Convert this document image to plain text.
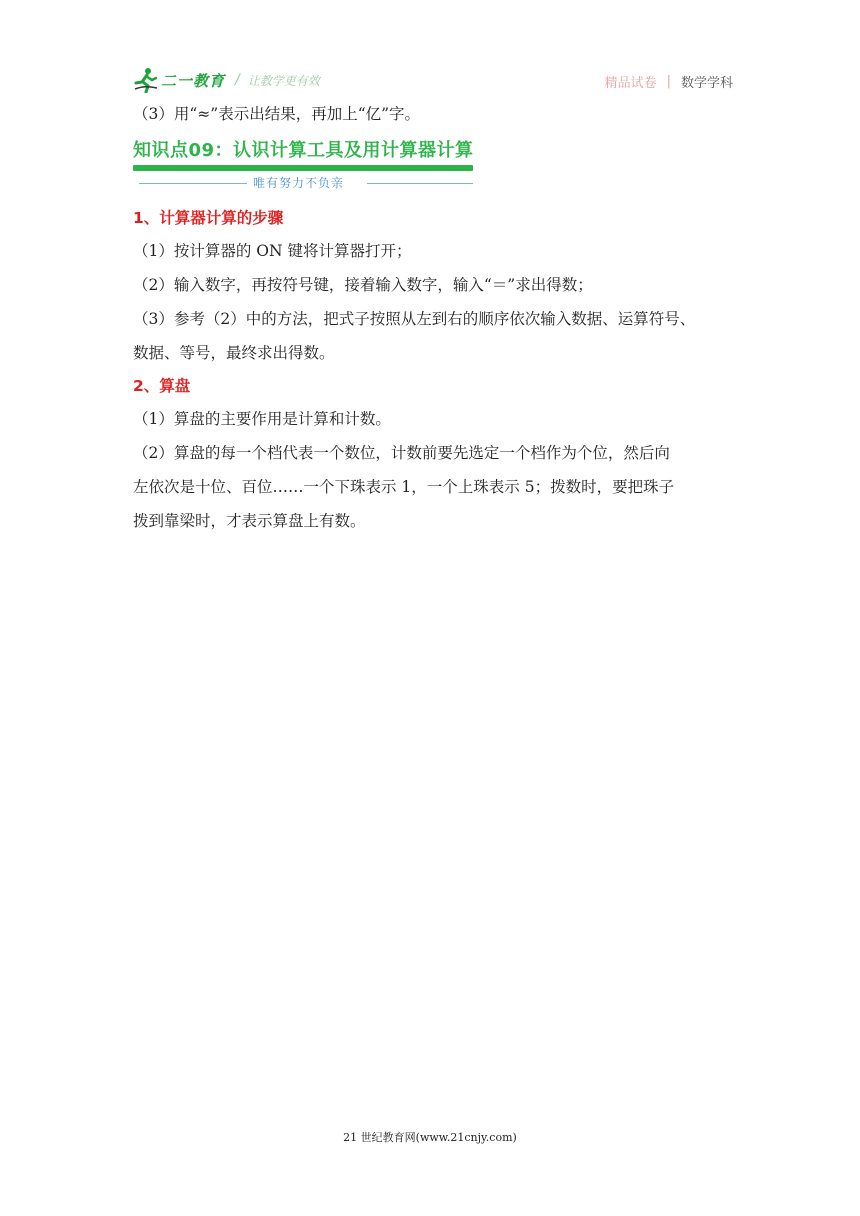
二一教育 / 让教学更有效	精品试卷 | 数学学科
（3）用“≈”表示出结果，再加上“亿”字。
知识点09：认识计算工具及用计算器计算
唯有努力不负亲
1、计算器计算的步骤
（1）按计算器的 ON 键将计算器打开；
（2）输入数字，再按符号键，接着输入数字，输入“＝”求出得数；
（3）参考（2）中的方法，把式子按照从左到右的顺序依次输入数据、运算符号、
数据、等号，最终求出得数。
2、算盘
（1）算盘的主要作用是计算和计数。
（2）算盘的每一个档代表一个数位，计数前要先选定一个档作为个位，然后向
左依次是十位、百位……一个下珠表示 1，一个上珠表示 5；拨数时，要把珠子
拨到靠梁时，才表示算盘上有数。
21 世纪教育网(www.21cnjy.com)
